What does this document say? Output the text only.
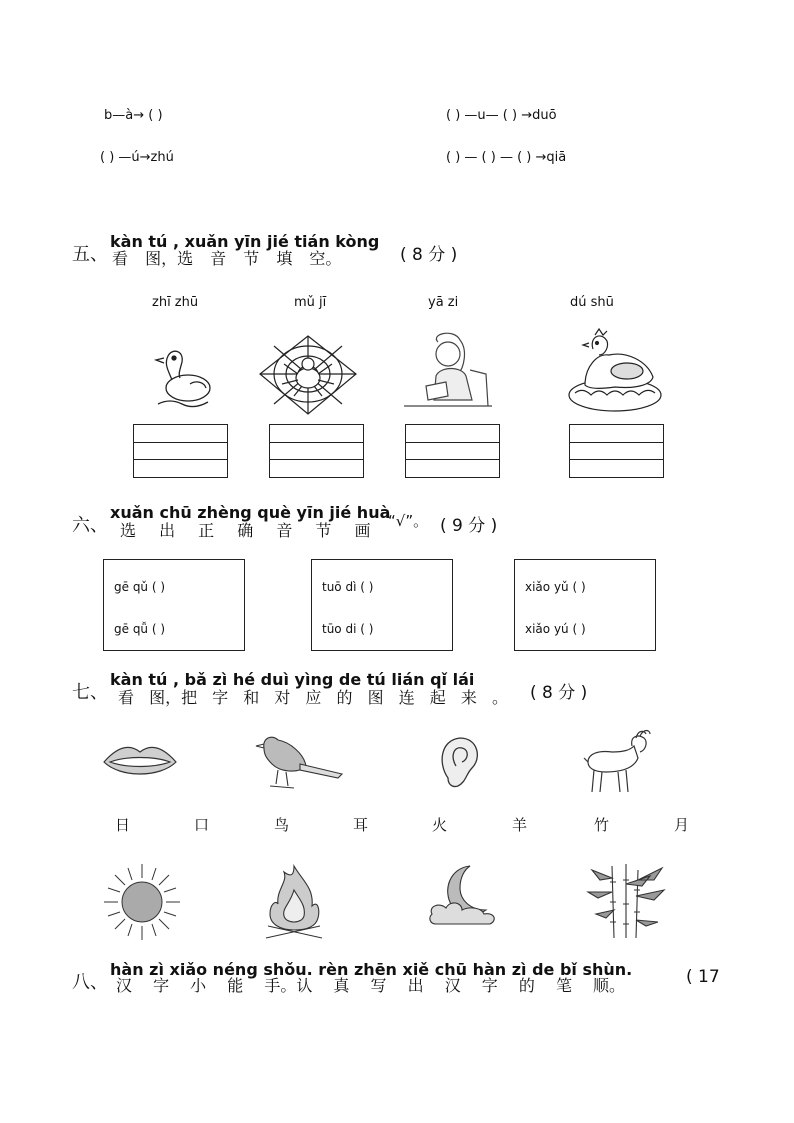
b—à→ ( )	( ) —u— ( ) →duō
( ) —ú→zhú	( ) — ( ) — ( ) →qiā
五、
kàn tú , xuǎn yīn jié tián kòng
看 图，选 音 节 填 空。	( 8 分 )
zhī zhū	mǔ jī	yā zi	dú shū
六、
xuǎn chū zhèng què yīn jié huà
选 出 正 确 音 节 画 “√”。 ( 9 分 )
gē qǔ ( )
gē qǚ ( )
tuō dì ( )
tūo di ( )
xiǎo yǔ ( )
xiǎo yú ( )
七、
kàn tú , bǎ zì hé duì yìng de tú lián qǐ lái
看 图，把 字 和 对 应 的 图 连 起 来 。 ( 8 分 )
日	口	鸟	耳	火	羊	竹	月
八、
hàn zì xiǎo néng shǒu. rèn zhēn xiě chū hàn zì de bǐ shùn.
汉 字 小 能 手。认 真 写 出 汉 字 的 笔 顺。	( 17
